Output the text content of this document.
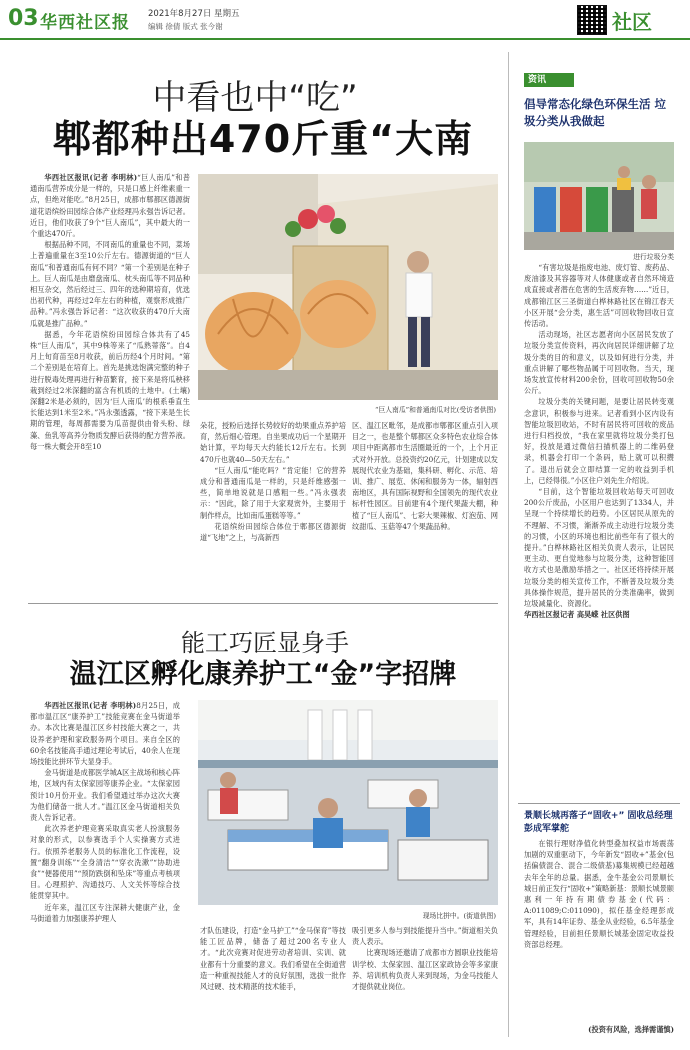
03 华西社区报 2021年8月27日 星期五
编辑 徐倩 版式 张今谢	社区
中看也中“吃”
郫都种出470斤重“大南

华西社区报讯(记者 李明林)“巨人南瓜”和普通南瓜营养成分是一样的，只是口感上纤维素重一点，但绝对能吃。”8月25日，成都市郫都区德源街道花语缤纷田园综合体产业经理冯永强告诉记者。近日，他们收获了9个“巨人南瓜”，其中最大的一个重达470斤。

根据品种不同，不同南瓜的重量也不同，菜场上普遍重量在3至10公斤左右。德源街道的“巨人南瓜”和普通南瓜有何不同？“第一个差别是在种子上。巨人南瓜是由磨盘南瓜、枕头南瓜等不同品种相互杂交，然后经过三、四年的选种期培育，优选出初代种，再经过2年左右的种植，观察形成推广品种。”冯永强告诉记者：“这次收获的470斤大南瓜就是推广品种。”

据悉，今年花语缤纷田园综合体共有了45株“巨人南瓜”，其中9株等来了“瓜熟蒂落”。自4月上旬育苗至8月收获，前后历经4个月时间。“第二个差别是在培育上。首先是挑选饱满完整的种子进行脱毒处理再进行种苗繁育，接下来是将瓜秧移栽到经过2米深翻的富含有机质的土地中。(土壤)深翻2米是必须的，因为‘巨人南瓜’的根系垂直生长能达到1米至2米。”冯永强透露，“接下来是生长期的管理，每周都需要为瓜苗提供由骨头粉、绿藻、鱼乳等高养分物质发酵后获得的配方营养液。每一株大概会开8至10

“巨人南瓜”和普通南瓜对比(受访者供图)

朵花，授粉后选择长势较好的幼果重点养护培育，然后细心管理。自坐果成功后一个星期开始计算，平均每天大约能长12斤左右。长到470斤也就40—50天左右。”

“巨人南瓜“能吃吗？”肯定能！它的营养成分和普通南瓜是一样的，只是纤维感强一些，简单地说就是口感粗一些。”冯永强表示：“因此，除了用于大家观赏外，主要用于制作样点，比如南瓜蛋糕等等。”

花语缤纷田园综合体位于郫都区德源街道“飞地”之上，与高新西

区、温江区毗邻，是成都市郫都区重点引入项目之一，也是整个郫都区众多特色农业综合体项目中距离都市生活圈最近的一个，上个月正式对外开放。总投资约20亿元，计划建成以发展现代农业为基础，集科研、孵化、示范、培训、推广、展览、休闲和服务为一体，辐射西南地区，具有国际视野和全国领先的现代农业标杆性园区。目前建有4个现代果蔬大棚，种植了“巨人南瓜”、七彩大果辣椒、灯泡茄、网纹甜瓜、玉菇等47个果蔬品种。

能工巧匠显身手
温江区孵化康养护工“金”字招牌

华西社区报讯(记者 李明林)8月25日，成都市温江区“康养护工”技能竞赛在金马街道举办。本次比赛是温江区乡村技能大赛之一，共设养老护理和家政服务两个项目。来自全区的60余名技能高手通过理论考试后，40余人在现场技能比拼环节大显身手。

金马街道是成都医学城A区主战场和核心阵地，区域内有太保家园等康养企业。“太保家园预计10月份开业。我们希望通过举办这次大赛为他们储备一批人才。”温江区金马街道相关负责人告诉记者。

此次养老护理竞赛采取真实老人扮演服务对象的形式，以参赛选手个人实操赛方式进行。依照养老服务人员的标准化工作流程，设置“翻身训练”“全身清洁”“穿衣洗漱”“协助进食”“便器使用”“预防跌倒和坠床”等重点考核项目。心理照护、沟通技巧、人文关怀等综合技能贯穿其中。

近年来，温江区专注深耕大健康产业，金马街道着力加强康养护理人	现场比拼中。(街道供图)

才队伍建设，打造“金马护工”“金马保育”等技能工匠品牌，储备了超过200名专业人才。“此次竞赛对促进劳动者培训、实训、就业都有十分重要的意义。我们希望在全街道营造一种重视技能人才的良好氛围，选拔一批作风过硬、技术精湛的技术能手，

吸引更多人参与到技能提升当中。”街道相关负责人表示。

比赛现场还邀请了成都市方圆职业技能培训学校、太保家园、温江区家政协会等多家康养、培训机构负责人来到现场，为金马技能人才提供就业岗位。

资讯
倡导常态化绿色环保生活 垃圾分类从我做起
进行垃圾分类

“有害垃圾是指废电池、废灯管、废药品、废油漆及其容器等对人体健康或者自然环境造成直接或者潜在危害的生活废弃物……”近日，成都锦江区三圣街道白桦林路社区在锦江春天小区开展“会分类，惠生活”可回收物回收日宣传活动。

活动现场，社区志愿者向小区居民发放了垃圾分类宣传资料，再次向居民详细讲解了垃圾分类的目的和意义，以及如何进行分类，并重点讲解了哪些物品属于可回收物。当天，现场发放宣传材料200余份，回收可回收物50余公斤。

垃圾分类的关键问题，是要让居民转变观念意识，积极参与进来。记者看到小区内设有智能垃圾回收站，不时有居民将可回收的废品进行归档投放，“我在家里就将垃圾分类打包好，投放是通过微信扫描机器上的二维码登录，机器会打印一个条码，贴上就可以积攒了。退出后就会立即结算一定的收益到手机上，已经得很。”小区住户刘先生介绍说。

“目前，这个智能垃圾回收站每天可回收200公斤废品，小区用户也达到了1334人，并呈现一个持续增长的趋势。小区居民从原先的不理解、不习惯，渐渐养成主动进行垃圾分类的习惯，小区的环境也相比前些年有了很大的提升。”白桦林路社区相关负责人表示，让居民更主动、更自觉地参与垃圾分类，这种智能回收方式也是激励举措之一。社区还将持续开展垃圾分类的相关宣传工作，不断普及垃圾分类具体操作规范，提升居民的分类准确率，做到垃圾减量化、资源化。

华西社区报记者 高昊嵘 社区供图

景顺长城再落子“固收+” 固收总经理彭成军掌舵

在银行理财净值化转型叠加权益市场震荡加剧的双重驱动下，今年新发“固收+”基金(包括偏债混合、混合二级债基)募集规模已经超越去年全年的总量。据悉，金牛基金公司景顺长城日前正发行“固收+”策略新基：景顺长城景颐惠利一年持有期债券基金(代码：A:011089;C:011090)，拟任基金经理彭成军，具有14年证券、基金从业经验，6.5年基金管理经验，目前担任景顺长城基金固定收益投资部总经理。

(投资有风险，选择需谨慎)
